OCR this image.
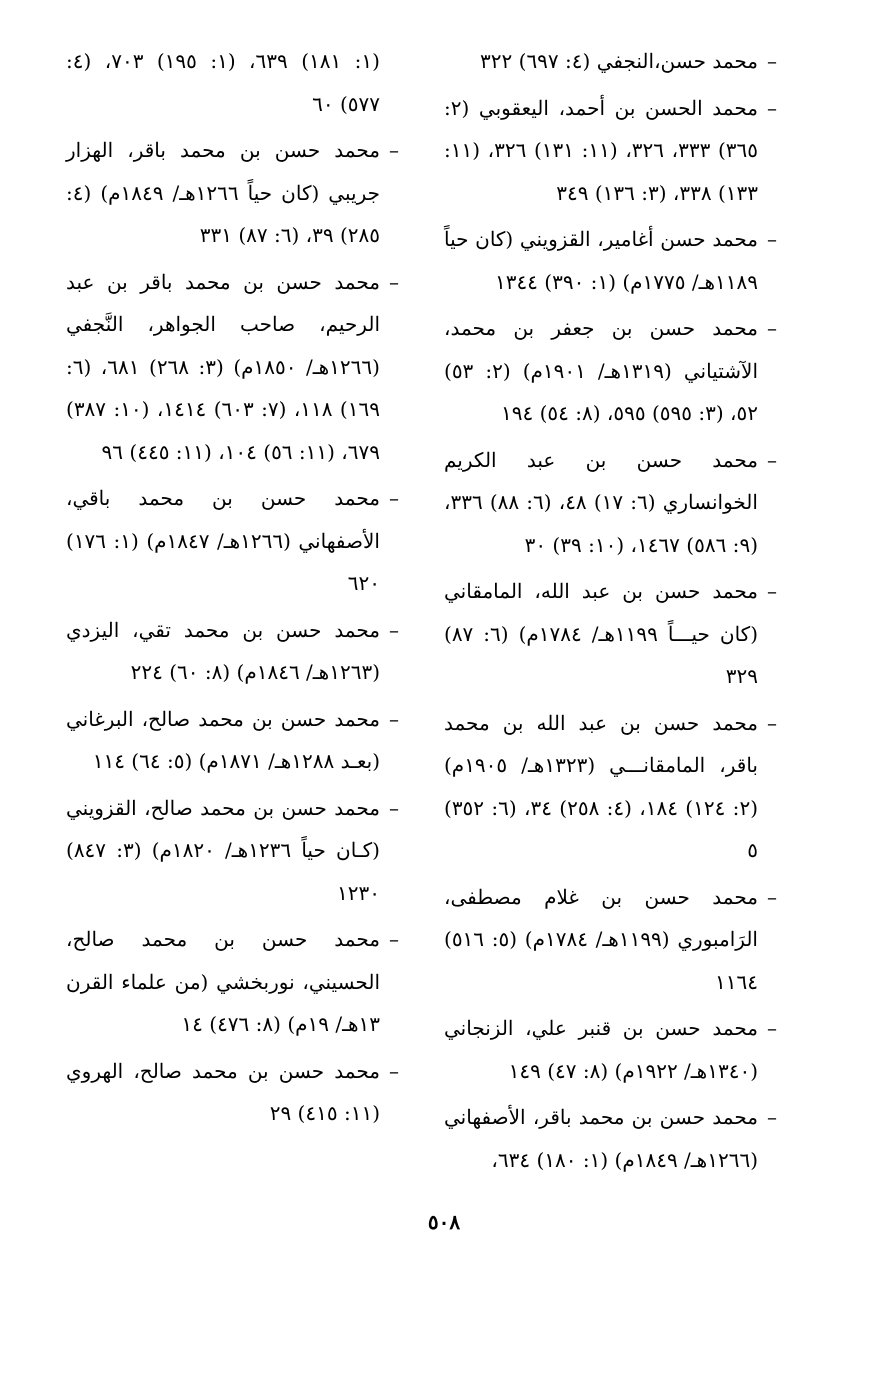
–
محمد حسن،النجفي (٤: ٦٩٧) ٣٢٢
–
محمد الحسن بن أحمد، اليعقوبي (٢: ٣٦٥) ٣٣٣، ٣٢٦، (١١: ١٣١) ٣٢٦، (١١: ١٣٣) ٣٣٨، (٣: ١٣٦) ٣٤٩
–
محمد حسن أغامير، القزويني (كان حياً ١١٨٩هـ/ ١٧٧٥م) (١: ٣٩٠) ١٣٤٤
–
محمد حسن بن جعفر بن محمد، الآشتياني (١٣١٩هـ/ ١٩٠١م) (٢: ٥٣) ٥٢، (٣: ٥٩٥) ٥٩٥، (٨: ٥٤) ١٩٤
–
محمد حسن بن عبد الكريم الخوانساري (٦: ١٧) ٤٨، (٦: ٨٨) ٣٣٦، (٩: ٥٨٦) ١٤٦٧، (١٠: ٣٩) ٣٠
–
محمد حسن بن عبد الله، المامقاني (كان حيـــاً ١١٩٩هـ/ ١٧٨٤م) (٦: ٨٧) ٣٢٩
–
محمد حسن بن عبد الله بن محمد باقر، المامقانـــي (١٣٢٣هـ/ ١٩٠٥م) (٢: ١٢٤) ١٨٤، (٤: ٢٥٨) ٣٤، (٦: ٣٥٢) ٥
–
محمد حسن بن غلام مصطفى، الرَامبوري (١١٩٩هـ/ ١٧٨٤م) (٥: ٥١٦) ١١٦٤
–
محمد حسن بن قنبر علي، الزنجاني (١٣٤٠هـ/ ١٩٢٢م) (٨: ٤٧) ١٤٩
–
محمد حسن بن محمد باقر، الأصفهاني (١٢٦٦هـ/ ١٨٤٩م) (١: ١٨٠) ٦٣٤،
(١: ١٨١) ٦٣٩، (١: ١٩٥) ٧٠٣، (٤: ٥٧٧) ٦٠
–
محمد حسن بن محمد باقر، الهزار جريبي (كان حياً ١٢٦٦هـ/ ١٨٤٩م) (٤: ٢٨٥) ٣٩، (٦: ٨٧) ٣٣١
–
محمد حسن بن محمد باقر بن عبد الرحيم، صاحب الجواهر، النَّجفي (١٢٦٦هـ/ ١٨٥٠م) (٣: ٢٦٨) ٦٨١، (٦: ١٦٩) ١١٨، (٧: ٦٠٣) ١٤١٤، (١٠: ٣٨٧) ٦٧٩، (١١: ٥٦) ١٠٤، (١١: ٤٤٥) ٩٦
–
محمد حسن بن محمد باقي، الأصفهاني (١٢٦٦هـ/ ١٨٤٧م) (١: ١٧٦) ٦٢٠
–
محمد حسن بن محمد تقي، اليزدي (١٢٦٣هـ/ ١٨٤٦م) (٨: ٦٠) ٢٢٤
–
محمد حسن بن محمد صالح، البرغاني (بعـد ١٢٨٨هـ/ ١٨٧١م) (٥: ٦٤) ١١٤
–
محمد حسن بن محمد صالح، القزويني (كـان حياً ١٢٣٦هـ/ ١٨٢٠م) (٣: ٨٤٧) ١٢٣٠
–
محمد حسن بن محمد صالح، الحسيني، نوربخشي (من علماء القرن ١٣هـ/ ١٩م) (٨: ٤٧٦) ١٤
–
محمد حسن بن محمد صالح، الهروي (١١: ٤١٥) ٢٩
٥٠٨
